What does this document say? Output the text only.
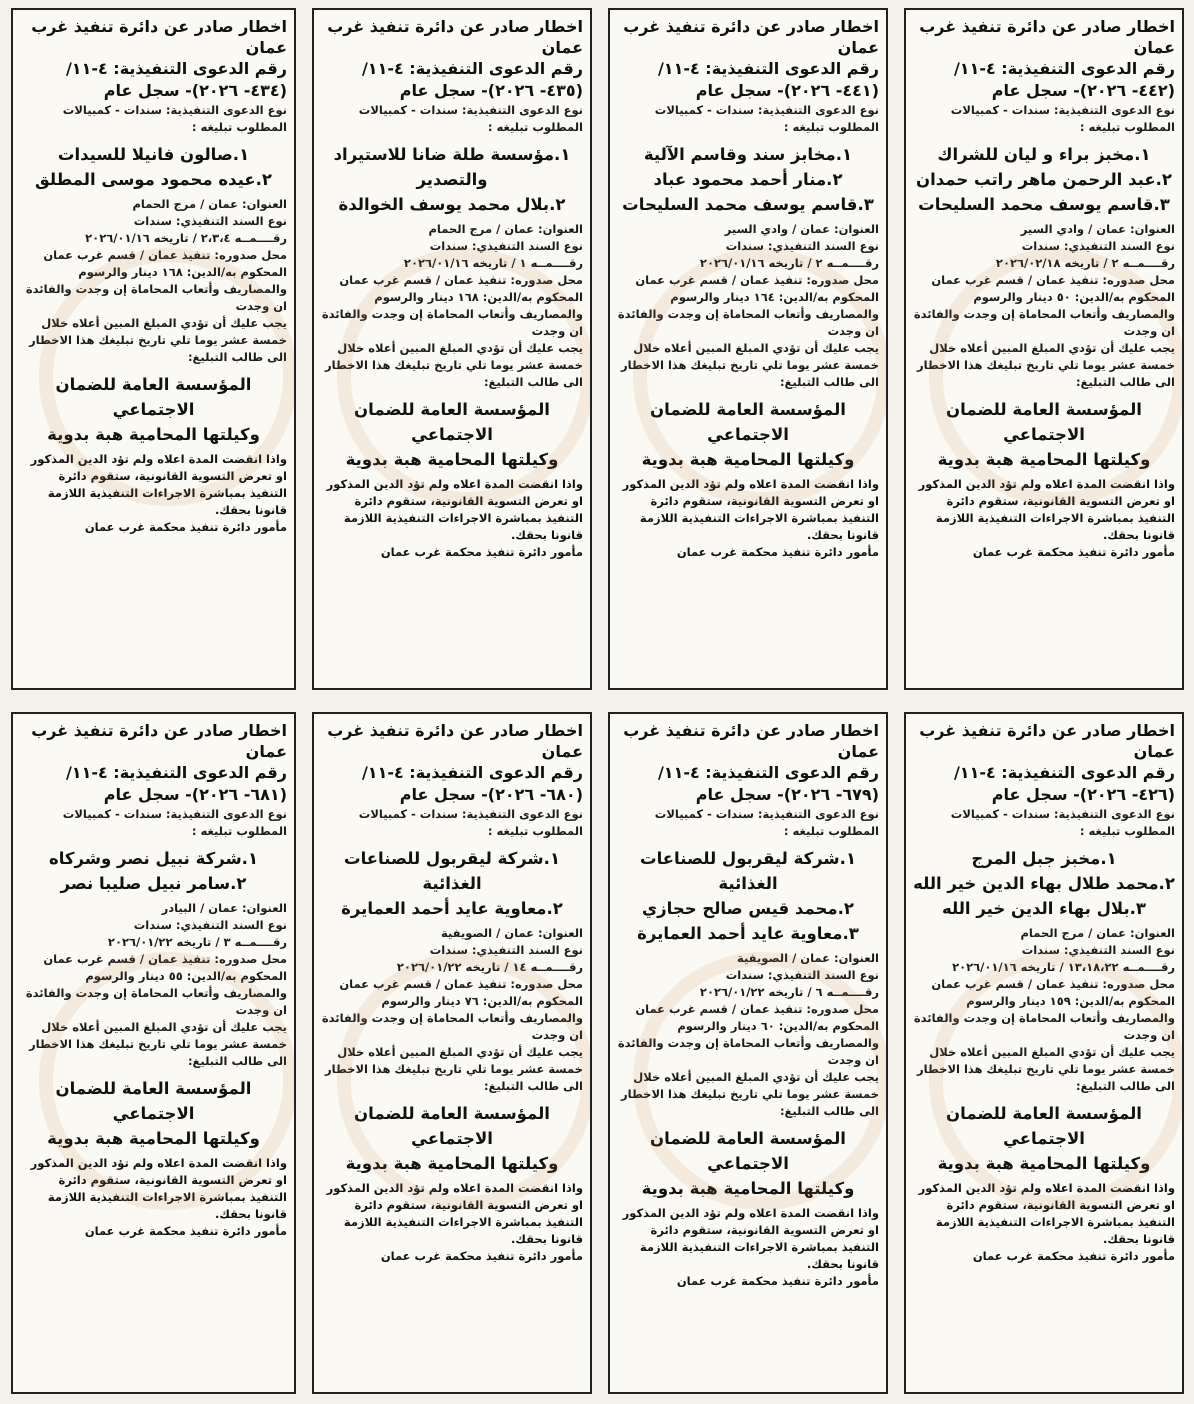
اخطار صادر عن دائرة تنفيذ غرب عمان

رقم الدعوى التنفيذية: ٤-١١/ (٤٤٢- ٢٠٢٦)- سجل عام

نوع الدعوى التنفيذية: سندات - كمبيالات

المطلوب تبليغه :

١.مخبز براء و ليان للشراك

٢.عبد الرحمن ماهر راتب حمدان

٣.قاسم يوسف محمد السليحات

العنوان: عمان / وادي السير

نوع السند التنفيذي: سندات

رقــــمــه ٢ / تاريخه ٢٠٢٦/٠٢/١٨

محل صدوره: تنفيذ عمان / قسم غرب عمان

المحكوم به/الدين: ٥٠ دينار والرسوم والمصاريف وأتعاب المحاماة إن وجدت والفائدة ان وجدت

يجب عليك أن تؤدي المبلغ المبين أعلاه خلال خمسة عشر يوما تلي تاريخ تبليغك هذا الاخطار الى طالب التبليغ:

المؤسسة العامة للضمان الاجتماعي

وكيلتها المحامية هبة بدوية

واذا انقضت المدة اعلاه ولم تؤد الدين المذكور او تعرض التسوية القانونية، ستقوم دائرة التنفيذ بمباشرة الاجراءات التنفيذية اللازمة قانونا بحقك.

مأمور دائرة تنفيذ محكمة غرب عمان

اخطار صادر عن دائرة تنفيذ غرب عمان

رقم الدعوى التنفيذية: ٤-١١/ (٤٤١- ٢٠٢٦)- سجل عام

نوع الدعوى التنفيذية: سندات - كمبيالات

المطلوب تبليغه :

١.مخابز سند وقاسم الآلية

٢.منار أحمد محمود عباد

٣.قاسم يوسف محمد السليحات

العنوان: عمان / وادي السير

نوع السند التنفيذي: سندات

رقــــمــه ٢ / تاريخه ٢٠٢٦/٠١/١٦

محل صدوره: تنفيذ عمان / قسم غرب عمان

المحكوم به/الدين: ١٦٤ دينار والرسوم والمصاريف وأتعاب المحاماة إن وجدت والفائدة ان وجدت

يجب عليك أن تؤدي المبلغ المبين أعلاه خلال خمسة عشر يوما تلي تاريخ تبليغك هذا الاخطار الى طالب التبليغ:

المؤسسة العامة للضمان الاجتماعي

وكيلتها المحامية هبة بدوية

واذا انقضت المدة اعلاه ولم تؤد الدين المذكور او تعرض التسوية القانونية، ستقوم دائرة التنفيذ بمباشرة الاجراءات التنفيذية اللازمة قانونا بحقك.

مأمور دائرة تنفيذ محكمة غرب عمان

اخطار صادر عن دائرة تنفيذ غرب عمان

رقم الدعوى التنفيذية: ٤-١١/ (٤٣٥- ٢٠٢٦)- سجل عام

نوع الدعوى التنفيذية: سندات - كمبيالات

المطلوب تبليغه :

١.مؤسسة طلة ضانا للاستيراد والتصدير

٢.بلال محمد يوسف الخوالدة

العنوان: عمان / مرج الحمام

نوع السند التنفيذي: سندات

رقــــمــه ١ / تاريخه ٢٠٢٦/٠١/١٦

محل صدوره: تنفيذ عمان / قسم غرب عمان

المحكوم به/الدين: ١٦٨ دينار والرسوم والمصاريف وأتعاب المحاماة إن وجدت والفائدة ان وجدت

يجب عليك أن تؤدي المبلغ المبين أعلاه خلال خمسة عشر يوما تلي تاريخ تبليغك هذا الاخطار الى طالب التبليغ:

المؤسسة العامة للضمان الاجتماعي

وكيلتها المحامية هبة بدوية

واذا انقضت المدة اعلاه ولم تؤد الدين المذكور او تعرض التسوية القانونية، ستقوم دائرة التنفيذ بمباشرة الاجراءات التنفيذية اللازمة قانونا بحقك.

مأمور دائرة تنفيذ محكمة غرب عمان

اخطار صادر عن دائرة تنفيذ غرب عمان

رقم الدعوى التنفيذية: ٤-١١/ (٤٣٤- ٢٠٢٦)- سجل عام

نوع الدعوى التنفيذية: سندات - كمبيالات

المطلوب تبليغه :

١.صالون فانيلا للسيدات

٢.عيده محمود موسى المطلق

العنوان: عمان / مرج الحمام

نوع السند التنفيذي: سندات

رقــــمــه ٢،٣،٤ / تاريخه ٢٠٢٦/٠١/١٦

محل صدوره: تنفيذ عمان / قسم غرب عمان

المحكوم به/الدين: ١٦٨ دينار والرسوم والمصاريف وأتعاب المحاماة إن وجدت والفائدة ان وجدت

يجب عليك أن تؤدي المبلغ المبين أعلاه خلال خمسة عشر يوما تلي تاريخ تبليغك هذا الاخطار الى طالب التبليغ:

المؤسسة العامة للضمان الاجتماعي

وكيلتها المحامية هبة بدوية

واذا انقضت المدة اعلاه ولم تؤد الدين المذكور او تعرض التسوية القانونية، ستقوم دائرة التنفيذ بمباشرة الاجراءات التنفيذية اللازمة قانونا بحقك.

مأمور دائرة تنفيذ محكمة غرب عمان

اخطار صادر عن دائرة تنفيذ غرب عمان

رقم الدعوى التنفيذية: ٤-١١/ (٤٢٦- ٢٠٢٦)- سجل عام

نوع الدعوى التنفيذية: سندات - كمبيالات

المطلوب تبليغه :

١.مخبز جبل المرج

٢.محمد طلال بهاء الدين خير الله

٣.بلال بهاء الدين خير الله

العنوان: عمان / مرج الحمام

نوع السند التنفيذي: سندات

رقــــمــه ١٣،١٨،٢٢ / تاريخه ٢٠٢٦/٠١/١٦

محل صدوره: تنفيذ عمان / قسم غرب عمان

المحكوم به/الدين: ١٥٩ دينار والرسوم والمصاريف وأتعاب المحاماة إن وجدت والفائدة ان وجدت

يجب عليك أن تؤدي المبلغ المبين أعلاه خلال خمسة عشر يوما تلي تاريخ تبليغك هذا الاخطار الى طالب التبليغ:

المؤسسة العامة للضمان الاجتماعي

وكيلتها المحامية هبة بدوية

واذا انقضت المدة اعلاه ولم تؤد الدين المذكور او تعرض التسوية القانونية، ستقوم دائرة التنفيذ بمباشرة الاجراءات التنفيذية اللازمة قانونا بحقك.

مأمور دائرة تنفيذ محكمة غرب عمان

اخطار صادر عن دائرة تنفيذ غرب عمان

رقم الدعوى التنفيذية: ٤-١١/ (٦٧٩- ٢٠٢٦)- سجل عام

نوع الدعوى التنفيذية: سندات - كمبيالات

المطلوب تبليغه :

١.شركة ليقربول للصناعات الغذائية

٢.محمد قيس صالح حجازي

٣.معاوية عايد أحمد العمايرة

العنوان: عمان / الصويفية

نوع السند التنفيذي: سندات

رقــــمــه ٦ / تاريخه ٢٠٢٦/٠١/٢٢

محل صدوره: تنفيذ عمان / قسم غرب عمان

المحكوم به/الدين: ٦٠ دينار والرسوم والمصاريف وأتعاب المحاماة إن وجدت والفائدة ان وجدت

يجب عليك أن تؤدي المبلغ المبين أعلاه خلال خمسة عشر يوما تلي تاريخ تبليغك هذا الاخطار الى طالب التبليغ:

المؤسسة العامة للضمان الاجتماعي

وكيلتها المحامية هبة بدوية

واذا انقضت المدة اعلاه ولم تؤد الدين المذكور او تعرض التسوية القانونية، ستقوم دائرة التنفيذ بمباشرة الاجراءات التنفيذية اللازمة قانونا بحقك.

مأمور دائرة تنفيذ محكمة غرب عمان

اخطار صادر عن دائرة تنفيذ غرب عمان

رقم الدعوى التنفيذية: ٤-١١/ (٦٨٠- ٢٠٢٦)- سجل عام

نوع الدعوى التنفيذية: سندات - كمبيالات

المطلوب تبليغه :

١.شركة ليقربول للصناعات الغذائية

٢.معاوية عايد أحمد العمايرة

العنوان: عمان / الصويفية

نوع السند التنفيذي: سندات

رقــــمــه ١٤ / تاريخه ٢٠٢٦/٠١/٢٢

محل صدوره: تنفيذ عمان / قسم غرب عمان

المحكوم به/الدين: ٧٦ دينار والرسوم والمصاريف وأتعاب المحاماة إن وجدت والفائدة ان وجدت

يجب عليك أن تؤدي المبلغ المبين أعلاه خلال خمسة عشر يوما تلي تاريخ تبليغك هذا الاخطار الى طالب التبليغ:

المؤسسة العامة للضمان الاجتماعي

وكيلتها المحامية هبة بدوية

واذا انقضت المدة اعلاه ولم تؤد الدين المذكور او تعرض التسوية القانونية، ستقوم دائرة التنفيذ بمباشرة الاجراءات التنفيذية اللازمة قانونا بحقك.

مأمور دائرة تنفيذ محكمة غرب عمان

اخطار صادر عن دائرة تنفيذ غرب عمان

رقم الدعوى التنفيذية: ٤-١١/ (٦٨١- ٢٠٢٦)- سجل عام

نوع الدعوى التنفيذية: سندات - كمبيالات

المطلوب تبليغه :

١.شركة نبيل نصر وشركاه

٢.سامر نبيل صليبا نصر

العنوان: عمان / البيادر

نوع السند التنفيذي: سندات

رقــــمــه ٣ / تاريخه ٢٠٢٦/٠١/٢٢

محل صدوره: تنفيذ عمان / قسم غرب عمان

المحكوم به/الدين: ٥٥ دينار والرسوم والمصاريف وأتعاب المحاماة إن وجدت والفائدة ان وجدت

يجب عليك أن تؤدي المبلغ المبين أعلاه خلال خمسة عشر يوما تلي تاريخ تبليغك هذا الاخطار الى طالب التبليغ:

المؤسسة العامة للضمان الاجتماعي

وكيلتها المحامية هبة بدوية

واذا انقضت المدة اعلاه ولم تؤد الدين المذكور او تعرض التسوية القانونية، ستقوم دائرة التنفيذ بمباشرة الاجراءات التنفيذية اللازمة قانونا بحقك.

مأمور دائرة تنفيذ محكمة غرب عمان
